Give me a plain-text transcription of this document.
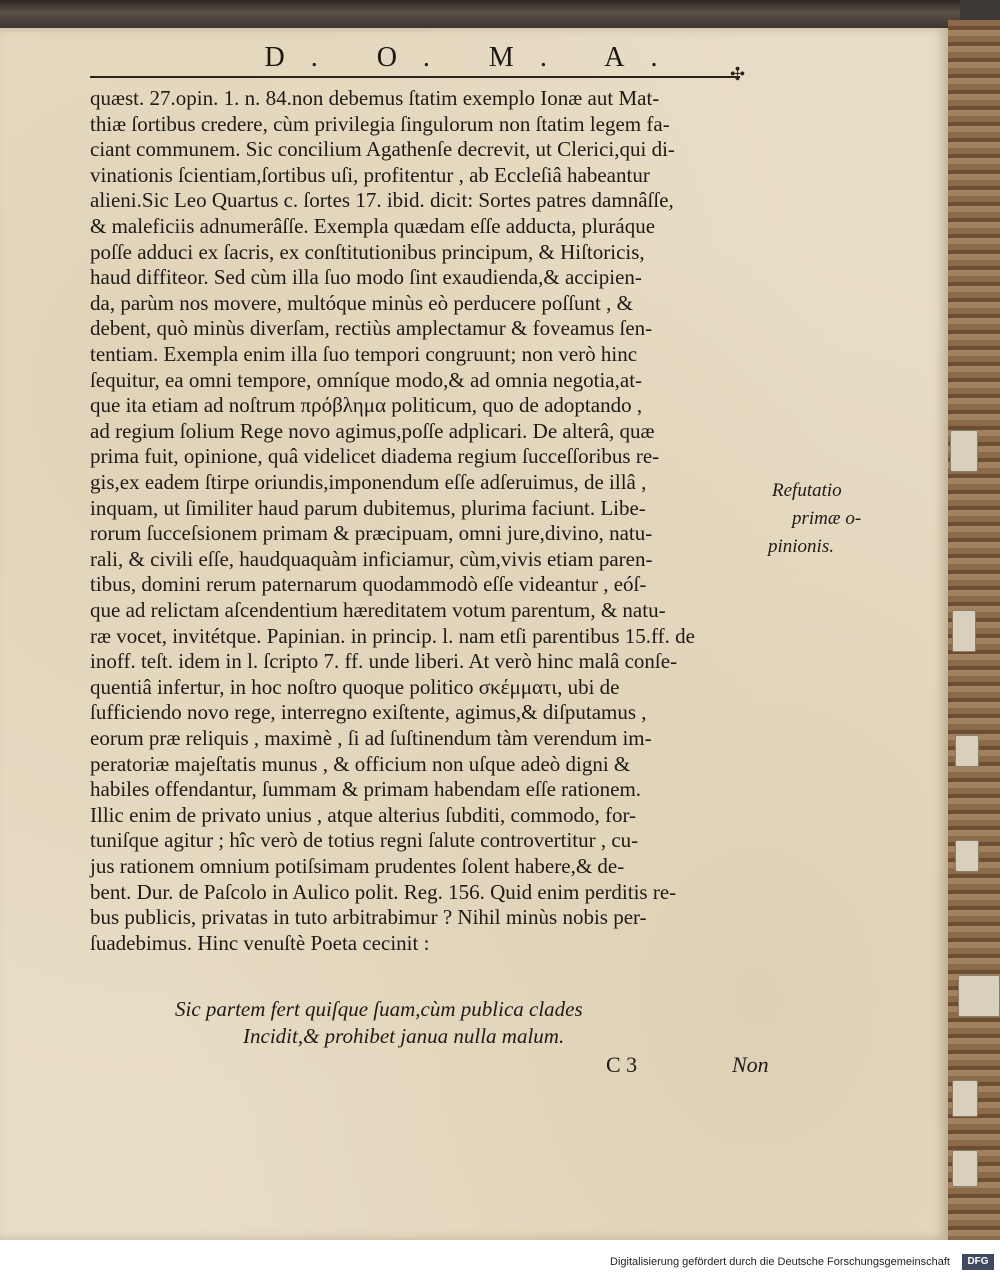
D. O. M. A.
✣
quæst. 27.opin. 1. n. 84.non debemus ſtatim exemplo Ionæ aut Mat-
thiæ ſortibus credere, cùm privilegia ſingulorum non ſtatim legem fa-
ciant communem. Sic concilium Agathenſe decrevit, ut Clerici,qui di-
vinationis ſcientiam,ſortibus uſi, profitentur , ab Eccleſiâ habeantur
alieni.Sic Leo Quartus c. ſortes 17. ibid. dicit: Sortes patres damnâſſe,
& maleficiis adnumerâſſe. Exempla quædam eſſe adducta, pluráque
poſſe adduci ex ſacris, ex conſtitutionibus principum, & Hiſtoricis,
haud diffiteor. Sed cùm illa ſuo modo ſint exaudienda,& accipien-
da, parùm nos movere, multóque minùs eò perducere poſſunt , &
debent, quò minùs diverſam, rectiùs amplectamur & foveamus ſen-
tentiam. Exempla enim illa ſuo tempori congruunt; non verò hinc
ſequitur, ea omni tempore, omníque modo,& ad omnia negotia,at-
que ita etiam ad noſtrum πρόβλημα politicum, quo de adoptando ,
ad regium ſolium Rege novo agimus,poſſe adplicari. De alterâ, quæ
prima fuit, opinione, quâ videlicet diadema regium ſucceſſoribus re-
gis,ex eadem ſtirpe oriundis,imponendum eſſe adſeruimus, de illâ ,
inquam, ut ſimiliter haud parum dubitemus, plurima faciunt. Libe-
rorum ſucceſsionem primam & præcipuam, omni jure,divino, natu-
rali, & civili eſſe, haudquaquàm inficiamur, cùm,vivis etiam paren-
tibus, domini rerum paternarum quodammodò eſſe videantur , eóſ-
que ad relictam aſcendentium hæreditatem votum parentum, & natu-
ræ vocet, invitétque. Papinian. in princip. l. nam etſi parentibus 15.ff. de
inoff. teſt. idem in l. ſcripto 7. ff. unde liberi. At verò hinc malâ conſe-
quentiâ infertur, in hoc noſtro quoque politico σκέμματι, ubi de
ſufficiendo novo rege, interregno exiſtente, agimus,& diſputamus ,
eorum præ reliquis , maximè , ſi ad ſuſtinendum tàm verendum im-
peratoriæ majeſtatis munus , & officium non uſque adeò digni &
habiles offendantur, ſummam & primam habendam eſſe rationem.
Illic enim de privato unius , atque alterius ſubditi, commodo, for-
tuniſque agitur ; hîc verò de totius regni ſalute controvertitur , cu-
jus rationem omnium potiſsimam prudentes ſolent habere,& de-
bent. Dur. de Paſcolo in Aulico polit. Reg. 156. Quid enim perditis re-
bus publicis, privatas in tuto arbitrabimur ? Nihil minùs nobis per-
ſuadebimus. Hinc venuſtè Poeta cecinit :
Refutatio
primæ o-
pinionis.
Sic partem fert quiſque ſuam,cùm publica clades
Incidit,& prohibet janua nulla malum.
C 3	Non
Digitalisierung gefördert durch die Deutsche Forschungsgemeinschaft	DFG
